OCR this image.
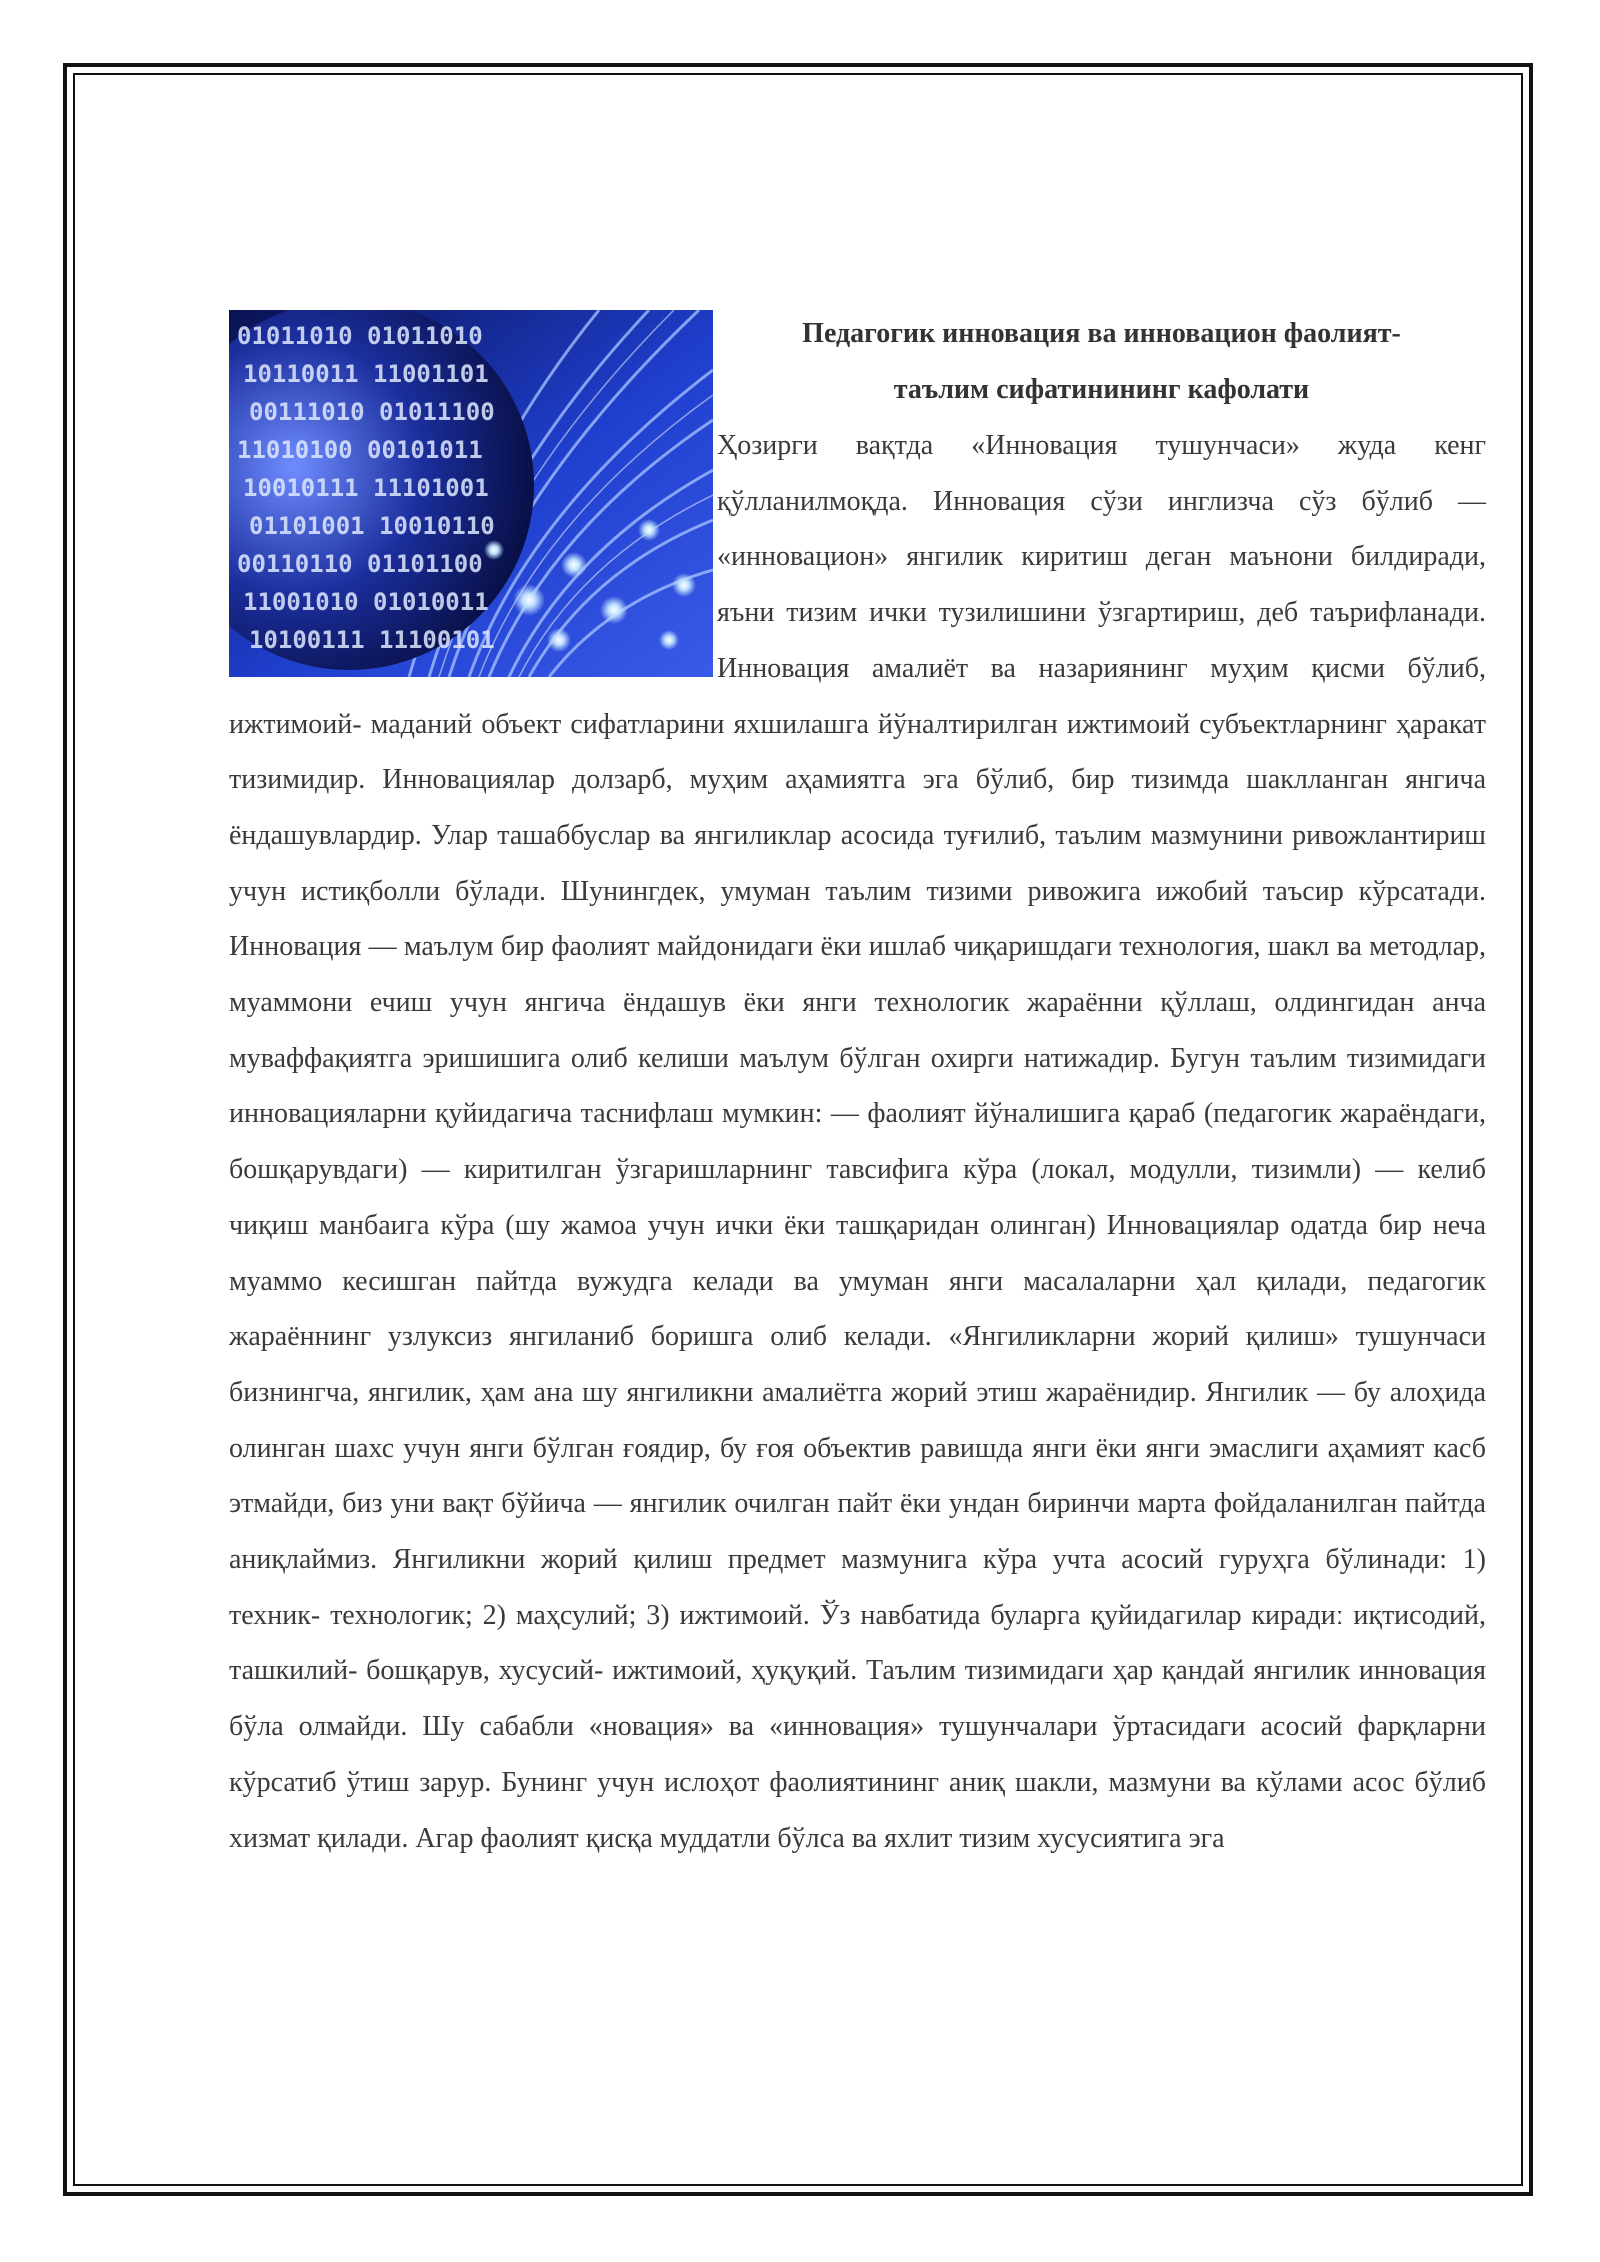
01011010 01011010
10110011 11001101
00111010 01011100
11010100 00101011
10010111 11101001
01101001 10010110
00110110 01101100
11001010 01010011
10100111 11100101
Педагогик инновация ва инновацион фаолият-
таълим сифатинининг кафолати

Ҳозирги вақтда «Инновация тушунчаси» жуда кенг қўлланилмоқда. Инновация сўзи инглизча сўз бўлиб — «инновацион» янгилик киритиш деган маънони билдиради, яъни тизим ички тузилишини ўзгартириш, деб таърифланади. Инновация амалиёт ва назариянинг муҳим қисми бўлиб, ижтимоий- маданий объект сифатларини яхшилашга йўналтирилган ижтимоий субъектларнинг ҳаракат тизимидир. Инновациялар долзарб, муҳим аҳамиятга эга бўлиб, бир тизимда шаклланган янгича ёндашувлардир. Улар ташаббуслар ва янгиликлар асосида туғилиб, таълим мазмунини ривожлантириш учун истиқболли бўлади. Шунингдек, умуман таълим тизими ривожига ижобий таъсир кўрсатади. Инновация — маълум бир фаолият майдонидаги ёки ишлаб чиқаришдаги технология, шакл ва методлар, муаммони ечиш учун янгича ёндашув ёки янги технологик жараённи қўллаш, олдингидан анча муваффақиятга эришишига олиб келиши маълум бўлган охирги натижадир. Бугун таълим тизимидаги инновацияларни қуйидагича таснифлаш мумкин: — фаолият йўналишига қараб (педагогик жараёндаги, бошқарувдаги) — киритилган ўзгаришларнинг тавсифига кўра (локал, модулли, тизимли) — келиб чиқиш манбаига кўра (шу жамоа учун ички ёки ташқаридан олинган) Инновациялар одатда бир неча муаммо кесишган пайтда вужудга келади ва умуман янги масалаларни ҳал қилади, педагогик жараённинг узлуксиз янгиланиб боришга олиб келади. «Янгиликларни жорий қилиш» тушунчаси бизнингча, янгилик, ҳам ана шу янгиликни амалиётга жорий этиш жараёнидир. Янгилик — бу алоҳида олинган шахс учун янги бўлган ғоядир, бу ғоя объектив равишда янги ёки янги эмаслиги аҳамият касб этмайди, биз уни вақт бўйича — янгилик очилган пайт ёки ундан биринчи марта фойдаланилган пайтда аниқлаймиз. Янгиликни жорий қилиш предмет мазмунига кўра учта асосий гуруҳга бўлинади: 1) техник- технологик; 2) маҳсулий; 3) ижтимоий. Ўз навбатида буларга қуйидагилар кирадиː иқтисодий, ташкилий- бошқарув, хусусий- ижтимоий, ҳуқуқий. Таълим тизимидаги ҳар қандай янгилик инновация бўла олмайди. Шу сабабли «новация» ва «инновация» тушунчалари ўртасидаги асосий фарқларни кўрсатиб ўтиш зарур. Бунинг учун ислоҳот фаолиятининг аниқ шакли, мазмуни ва кўлами асос бўлиб хизмат қилади. Агар фаолият қисқа муддатли бўлса ва яхлит тизим хусусиятига эга
